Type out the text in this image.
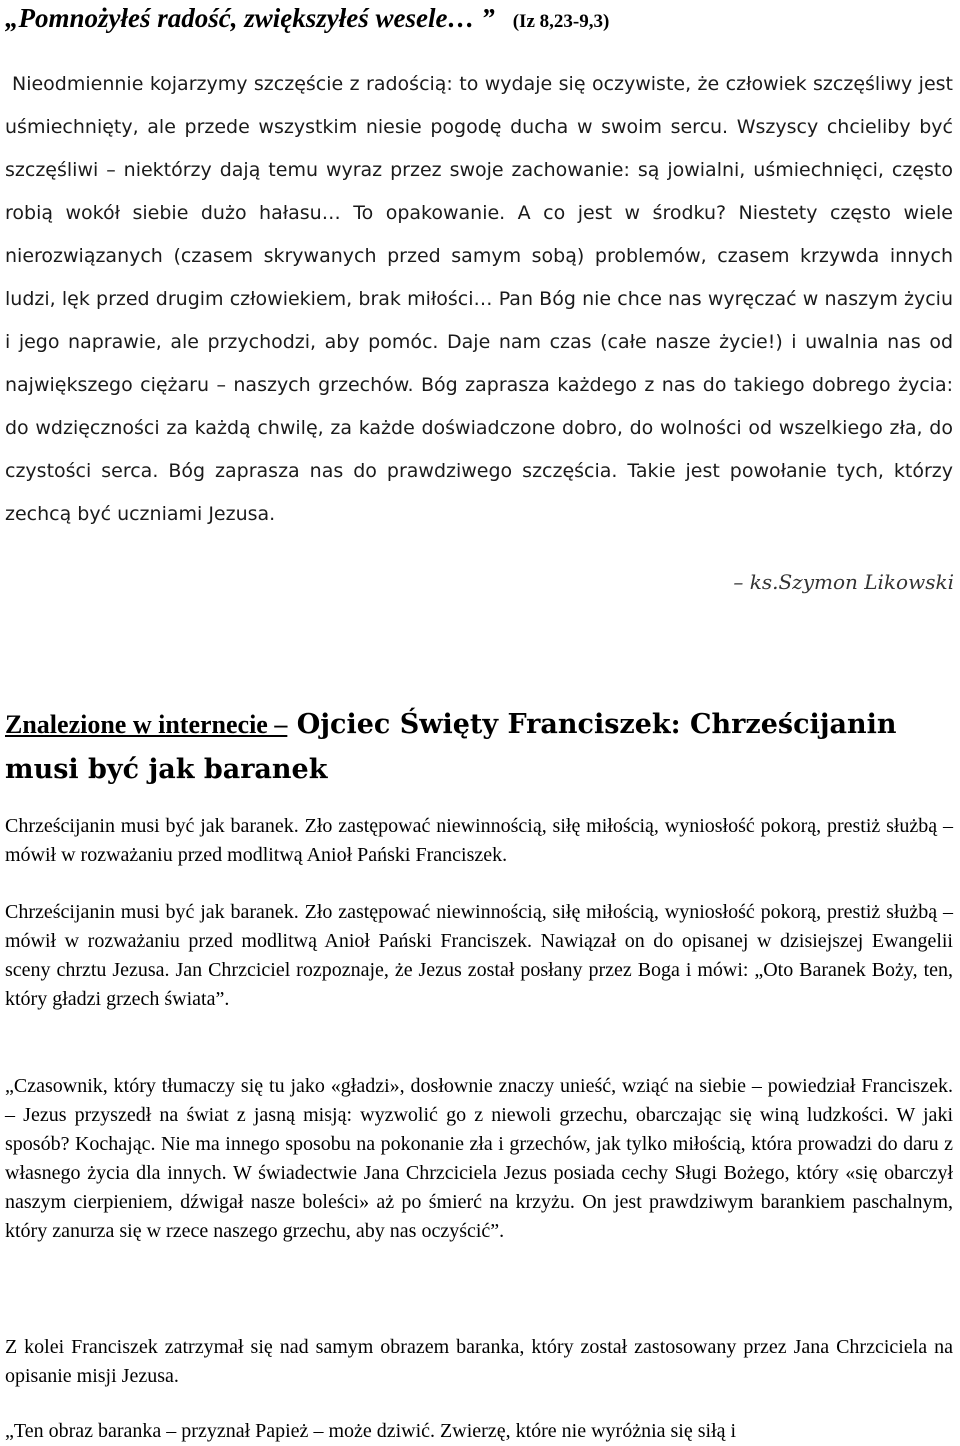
„Pomnożyłeś radość, zwiększyłeś wesele… ” (Iz 8,23-9,3)
Nieodmiennie kojarzymy szczęście z radością: to wydaje się oczywiste, że człowiek szczęśliwy jest uśmiechnięty, ale przede wszystkim niesie pogodę ducha w swoim sercu. Wszyscy chcieliby być szczęśliwi – niektórzy dają temu wyraz przez swoje zachowanie: są jowialni, uśmiechnięci, często robią wokół siebie dużo hałasu… To opakowanie. A co jest w środku? Niestety często wiele nierozwiązanych (czasem skrywanych przed samym sobą) problemów, czasem krzywda innych ludzi, lęk przed drugim człowiekiem, brak miłości… Pan Bóg nie chce nas wyręczać w naszym życiu i jego naprawie, ale przychodzi, aby pomóc. Daje nam czas (całe nasze życie!) i uwalnia nas od największego ciężaru – naszych grzechów. Bóg zaprasza każdego z nas do takiego dobrego życia: do wdzięczności za każdą chwilę, za każde doświadczone dobro, do wolności od wszelkiego zła, do czystości serca. Bóg zaprasza nas do prawdziwego szczęścia. Takie jest powołanie tych, którzy zechcą być uczniami Jezusa.
– ks.Szymon Likowski
Znalezione w internecie – Ojciec Święty Franciszek: Chrześcijanin musi być jak baranek
Chrześcijanin musi być jak baranek. Zło zastępować niewinnością, siłę miłością, wyniosłość pokorą, prestiż służbą – mówił w rozważaniu przed modlitwą Anioł Pański Franciszek.
Chrześcijanin musi być jak baranek. Zło zastępować niewinnością, siłę miłością, wyniosłość pokorą, prestiż służbą – mówił w rozważaniu przed modlitwą Anioł Pański Franciszek. Nawiązał on do opisanej w dzisiejszej Ewangelii sceny chrztu Jezusa. Jan Chrzciciel rozpoznaje, że Jezus został posłany przez Boga i mówi: „Oto Baranek Boży, ten, który gładzi grzech świata”.
„Czasownik, który tłumaczy się tu jako «gładzi», dosłownie znaczy unieść, wziąć na siebie – powiedział Franciszek. – Jezus przyszedł na świat z jasną misją: wyzwolić go z niewoli grzechu, obarczając się winą ludzkości. W jaki sposób? Kochając. Nie ma innego sposobu na pokonanie zła i grzechów, jak tylko miłością, która prowadzi do daru z własnego życia dla innych. W świadectwie Jana Chrzciciela Jezus posiada cechy Sługi Bożego, który «się obarczył naszym cierpieniem, dźwigał nasze boleści» aż po śmierć na krzyżu. On jest prawdziwym barankiem paschalnym, który zanurza się w rzece naszego grzechu, aby nas oczyścić”.
Z kolei Franciszek zatrzymał się nad samym obrazem baranka, który został zastosowany przez Jana Chrzciciela na opisanie misji Jezusa.
„Ten obraz baranka – przyznał Papież – może dziwić. Zwierzę, które nie wyróżnia się siłą i
